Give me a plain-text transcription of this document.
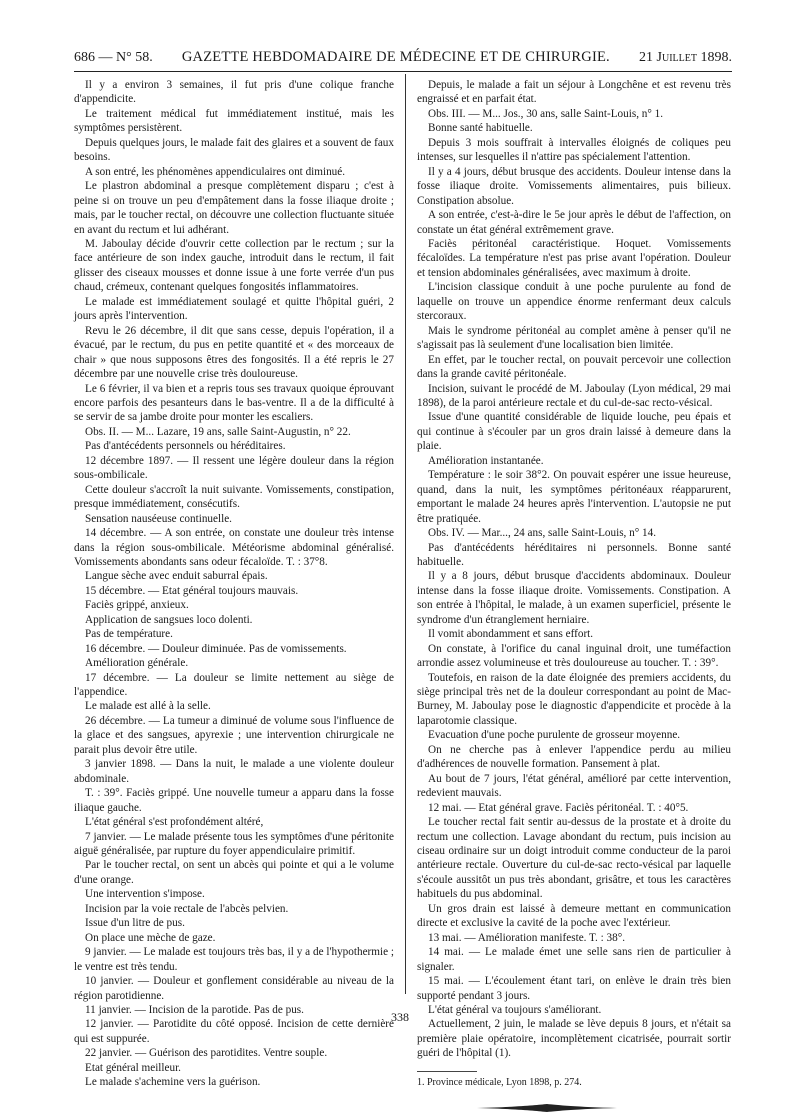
686 — N° 58. GAZETTE HEBDOMADAIRE DE MÉDECINE ET DE CHIRURGIE. 21 Juillet 1898.

Il y a environ 3 semaines, il fut pris d'une colique franche d'appendicite.

Le traitement médical fut immédiatement institué, mais les symptômes persistèrent.

Depuis quelques jours, le malade fait des glaires et a souvent de faux besoins.

A son entré, les phénomènes appendiculaires ont diminué.

Le plastron abdominal a presque complètement disparu ; c'est à peine si on trouve un peu d'empâtement dans la fosse iliaque droite ; mais, par le toucher rectal, on découvre une collection fluctuante située en avant du rectum et lui adhérant.

M. Jaboulay décide d'ouvrir cette collection par le rectum ; sur la face antérieure de son index gauche, introduit dans le rectum, il fait glisser des ciseaux mousses et donne issue à une forte verrée d'un pus chaud, crémeux, contenant quelques fongosités inflammatoires.

Le malade est immédiatement soulagé et quitte l'hôpital guéri, 2 jours après l'intervention.

Revu le 26 décembre, il dit que sans cesse, depuis l'opération, il a évacué, par le rectum, du pus en petite quantité et « des morceaux de chair » que nous supposons êtres des fongosités. Il a été repris le 27 décembre par une nouvelle crise très douloureuse.

Le 6 février, il va bien et a repris tous ses travaux quoique éprouvant encore parfois des pesanteurs dans le bas-ventre. Il a de la difficulté à se servir de sa jambe droite pour monter les escaliers.

Obs. II. — M... Lazare, 19 ans, salle Saint-Augustin, n° 22.

Pas d'antécédents personnels ou héréditaires.

12 décembre 1897. — Il ressent une légère douleur dans la région sous-ombilicale.

Cette douleur s'accroît la nuit suivante. Vomissements, constipation, presque immédiatement, consécutifs.

Sensation nauséeuse continuelle.

14 décembre. — A son entrée, on constate une douleur très intense dans la région sous-ombilicale. Météorisme abdominal généralisé. Vomissements abondants sans odeur fécaloïde. T. : 37°8.

Langue sèche avec enduit saburral épais.

15 décembre. — Etat général toujours mauvais.

Faciès grippé, anxieux.

Application de sangsues loco dolenti.

Pas de température.

16 décembre. — Douleur diminuée. Pas de vomissements.

Amélioration générale.

17 décembre. — La douleur se limite nettement au siège de l'appendice.

Le malade est allé à la selle.

26 décembre. — La tumeur a diminué de volume sous l'influence de la glace et des sangsues, apyrexie ; une intervention chirurgicale ne parait plus devoir être utile.

3 janvier 1898. — Dans la nuit, le malade a une violente douleur abdominale.

T. : 39°. Faciès grippé. Une nouvelle tumeur a apparu dans la fosse iliaque gauche.

L'état général s'est profondément altéré,

7 janvier. — Le malade présente tous les symptômes d'une péritonite aiguë généralisée, par rupture du foyer appendiculaire primitif.

Par le toucher rectal, on sent un abcès qui pointe et qui a le volume d'une orange.

Une intervention s'impose.

Incision par la voie rectale de l'abcès pelvien.

Issue d'un litre de pus.

On place une mèche de gaze.

9 janvier. — Le malade est toujours très bas, il y a de l'hypothermie ; le ventre est très tendu.

10 janvier. — Douleur et gonflement considérable au niveau de la région parotidienne.

11 janvier. — Incision de la parotide. Pas de pus.

12 janvier. — Parotidite du côté opposé. Incision de cette dernière qui est suppurée.

22 janvier. — Guérison des parotidites. Ventre souple.

Etat général meilleur.

Le malade s'achemine vers la guérison.

Depuis, le malade a fait un séjour à Longchêne et est revenu très engraissé et en parfait état.

Obs. III. — M... Jos., 30 ans, salle Saint-Louis, n° 1.

Bonne santé habituelle.

Depuis 3 mois souffrait à intervalles éloignés de coliques peu intenses, sur lesquelles il n'attire pas spécialement l'attention.

Il y a 4 jours, début brusque des accidents. Douleur intense dans la fosse iliaque droite. Vomissements alimentaires, puis bilieux. Constipation absolue.

A son entrée, c'est-à-dire le 5e jour après le début de l'affection, on constate un état général extrêmement grave.

Faciès péritonéal caractéristique. Hoquet. Vomissements fécaloïdes. La température n'est pas prise avant l'opération. Douleur et tension abdominales généralisées, avec maximum à droite.

L'incision classique conduit à une poche purulente au fond de laquelle on trouve un appendice énorme renfermant deux calculs stercoraux.

Mais le syndrome péritonéal au complet amène à penser qu'il ne s'agissait pas là seulement d'une localisation bien limitée.

En effet, par le toucher rectal, on pouvait percevoir une collection dans la grande cavité péritonéale.

Incision, suivant le procédé de M. Jaboulay (Lyon médical, 29 mai 1898), de la paroi antérieure rectale et du cul-de-sac recto-vésical.

Issue d'une quantité considérable de liquide louche, peu épais et qui continue à s'écouler par un gros drain laissé à demeure dans la plaie.

Amélioration instantanée.

Température : le soir 38°2. On pouvait espérer une issue heureuse, quand, dans la nuit, les symptômes péritonéaux réapparurent, emportant le malade 24 heures après l'intervention. L'autopsie ne put être pratiquée.

Obs. IV. — Mar..., 24 ans, salle Saint-Louis, n° 14.

Pas d'antécédents héréditaires ni personnels. Bonne santé habituelle.

Il y a 8 jours, début brusque d'accidents abdominaux. Douleur intense dans la fosse iliaque droite. Vomissements. Constipation. A son entrée à l'hôpital, le malade, à un examen superficiel, présente le syndrome d'un étranglement herniaire.

Il vomit abondamment et sans effort.

On constate, à l'orifice du canal inguinal droit, une tuméfaction arrondie assez volumineuse et très douloureuse au toucher. T. : 39°.

Toutefois, en raison de la date éloignée des premiers accidents, du siège principal très net de la douleur correspondant au point de Mac-Burney, M. Jaboulay pose le diagnostic d'appendicite et procède à la laparotomie classique.

Evacuation d'une poche purulente de grosseur moyenne.

On ne cherche pas à enlever l'appendice perdu au milieu d'adhérences de nouvelle formation. Pansement à plat.

Au bout de 7 jours, l'état général, amélioré par cette intervention, redevient mauvais.

12 mai. — Etat général grave. Faciès péritonéal. T. : 40°5.

Le toucher rectal fait sentir au-dessus de la prostate et à droite du rectum une collection. Lavage abondant du rectum, puis incision au ciseau ordinaire sur un doigt introduit comme conducteur de la paroi antérieure rectale. Ouverture du cul-de-sac recto-vésical par laquelle s'écoule aussitôt un pus très abondant, grisâtre, et tous les caractères habituels du pus abdominal.

Un gros drain est laissé à demeure mettant en communication directe et exclusive la cavité de la poche avec l'extérieur.

13 mai. — Amélioration manifeste. T. : 38°.

14 mai. — Le malade émet une selle sans rien de particulier à signaler.

15 mai. — L'écoulement étant tari, on enlève le drain très bien supporté pendant 3 jours.

L'état général va toujours s'améliorant.

Actuellement, 2 juin, le malade se lève depuis 8 jours, et n'était sa première plaie opératoire, incomplètement cicatrisée, pourrait sortir guéri de l'hôpital (1).

1. Province médicale, Lyon 1898, p. 274.

338
